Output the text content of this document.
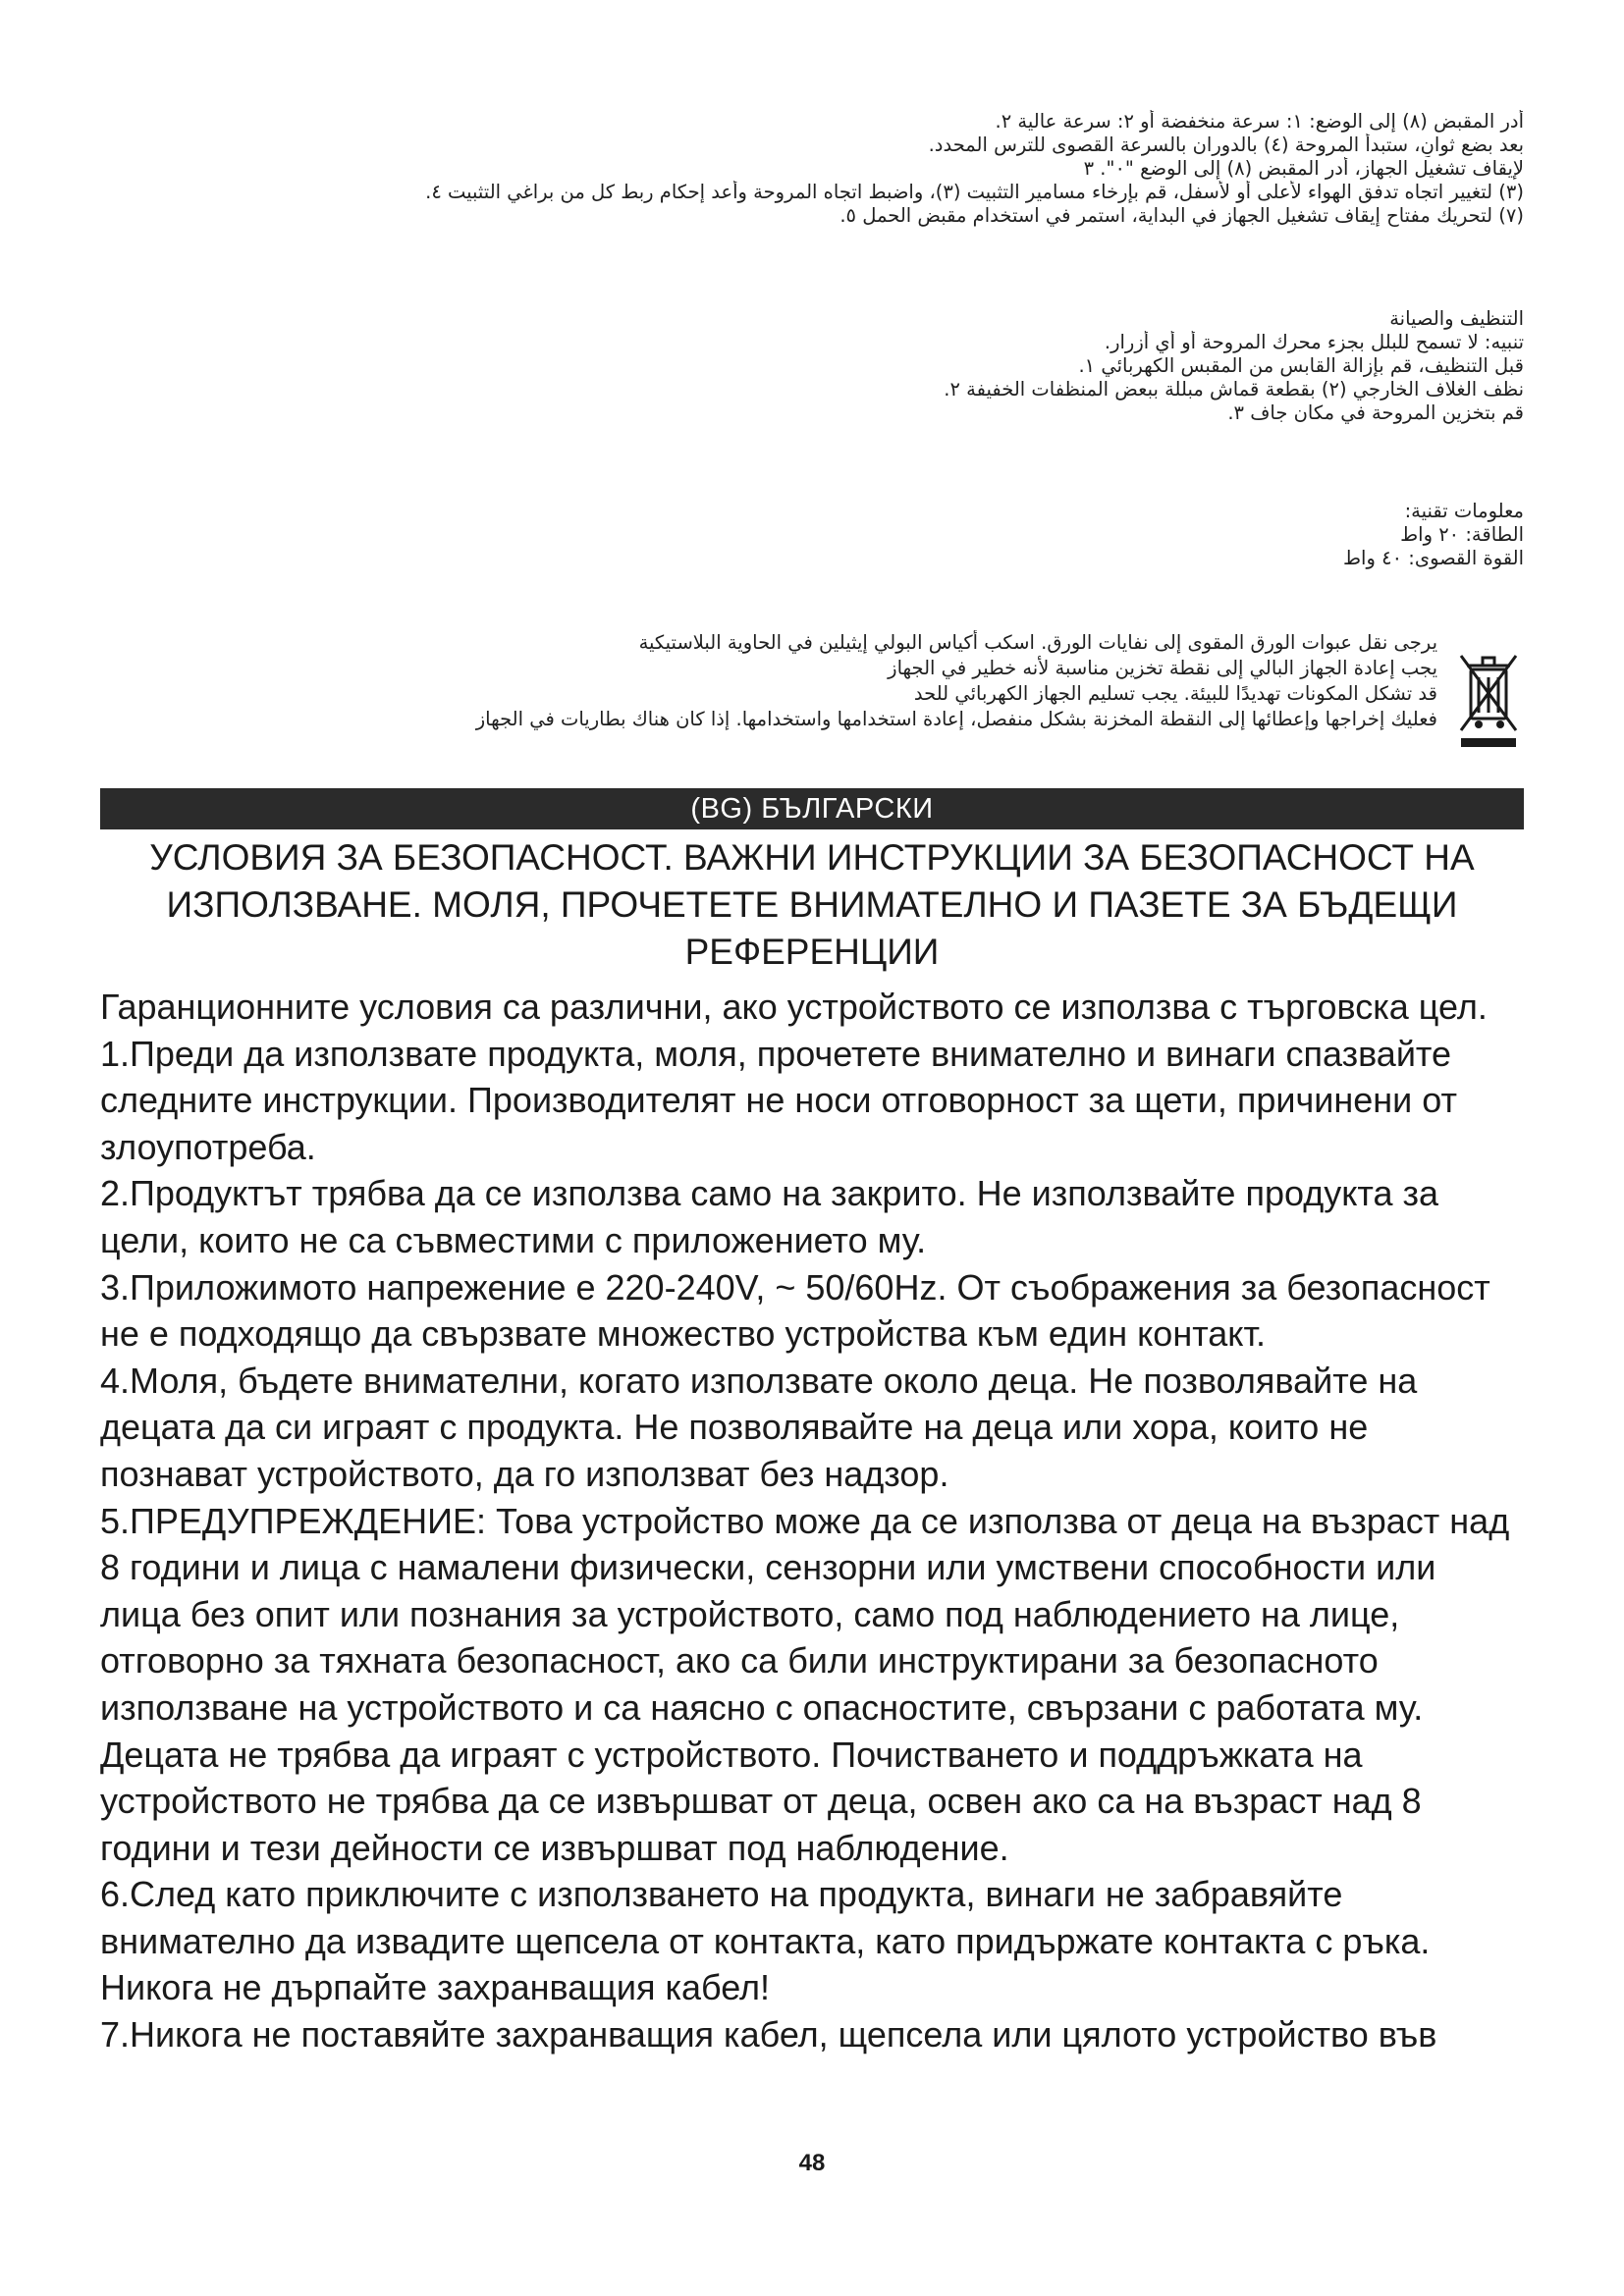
أدر المقبض (٨) إلى الوضع: ١: سرعة منخفضة أو ٢: سرعة عالية ٢.
بعد بضع ثوانٍ، ستبدأ المروحة (٤) بالدوران بالسرعة القصوى للترس المحدد.
لإيقاف تشغيل الجهاز، أدر المقبض (٨) إلى الوضع "٠". ٣
(٣) لتغيير اتجاه تدفق الهواء لأعلى أو لأسفل، قم بإرخاء مسامير التثبيت (٣)، واضبط اتجاه المروحة وأعد إحكام ربط كل من براغي التثبيت ٤.
(٧) لتحريك مفتاح إيقاف تشغيل الجهاز في البداية، استمر في استخدام مقبض الحمل ٥.
التنظيف والصيانة
تنبيه: لا تسمح للبلل بجزء محرك المروحة أو أي أزرار.
قبل التنظيف، قم بإزالة القابس من المقبس الكهربائي ١.
نظف الغلاف الخارجي (٢) بقطعة قماش مبللة ببعض المنظفات الخفيفة ٢.
قم بتخزين المروحة في مكان جاف ٣.
معلومات تقنية:
الطاقة: ٢٠ واط
القوة القصوى: ٤٠ واط
يرجى نقل عبوات الورق المقوى إلى نفايات الورق. اسكب أكياس البولي إيثيلين في الحاوية البلاستيكية
يجب إعادة الجهاز البالي إلى نقطة تخزين مناسبة لأنه خطير في الجهاز
قد تشكل المكونات تهديدًا للبيئة. يجب تسليم الجهاز الكهربائي للحد
فعليك إخراجها وإعطائها إلى النقطة المخزنة بشكل منفصل، إعادة استخدامها واستخدامها. إذا كان هناك بطاريات في الجهاز
(BG) БЪЛГАРСКИ
УСЛОВИЯ ЗА БЕЗОПАСНОСТ. ВАЖНИ ИНСТРУКЦИИ ЗА БЕЗОПАСНОСТ НА
ИЗПОЛЗВАНЕ. МОЛЯ, ПРОЧЕТЕТЕ ВНИМАТЕЛНО И ПАЗЕТЕ ЗА БЪДЕЩИ
РЕФЕРЕНЦИИ
Гаранционните условия са различни, ако устройството се използва с търговска цел.
1.Преди да използвате продукта, моля, прочетете внимателно и винаги спазвайте
следните инструкции. Производителят не носи отговорност за щети, причинени от
злоупотреба.
2.Продуктът трябва да се използва само на закрито. Не използвайте продукта за
цели, които не са съвместими с приложението му.
3.Приложимото напрежение е 220-240V, ~ 50/60Hz. От съображения за безопасност
не е подходящо да свързвате множество устройства към един контакт.
4.Моля, бъдете внимателни, когато използвате около деца. Не позволявайте на
децата да си играят с продукта. Не позволявайте на деца или хора, които не
познават устройството, да го използват без надзор.
5.ПРЕДУПРЕЖДЕНИЕ: Това устройство може да се използва от деца на възраст над
8 години и лица с намалени физически, сензорни или умствени способности или
лица без опит или познания за устройството, само под наблюдението на лице,
отговорно за тяхната безопасност, ако са били инструктирани за безопасното
използване на устройството и са наясно с опасностите, свързани с работата му.
Децата не трябва да играят с устройството. Почистването и поддръжката на
устройството не трябва да се извършват от деца, освен ако са на възраст над 8
години и тези дейности се извършват под наблюдение.
6.След като приключите с използването на продукта, винаги не забравяйте
внимателно да извадите щепсела от контакта, като придържате контакта с ръка.
Никога не дърпайте захранващия кабел!
7.Никога не поставяйте захранващия кабел, щепсела или цялото устройство във
48
